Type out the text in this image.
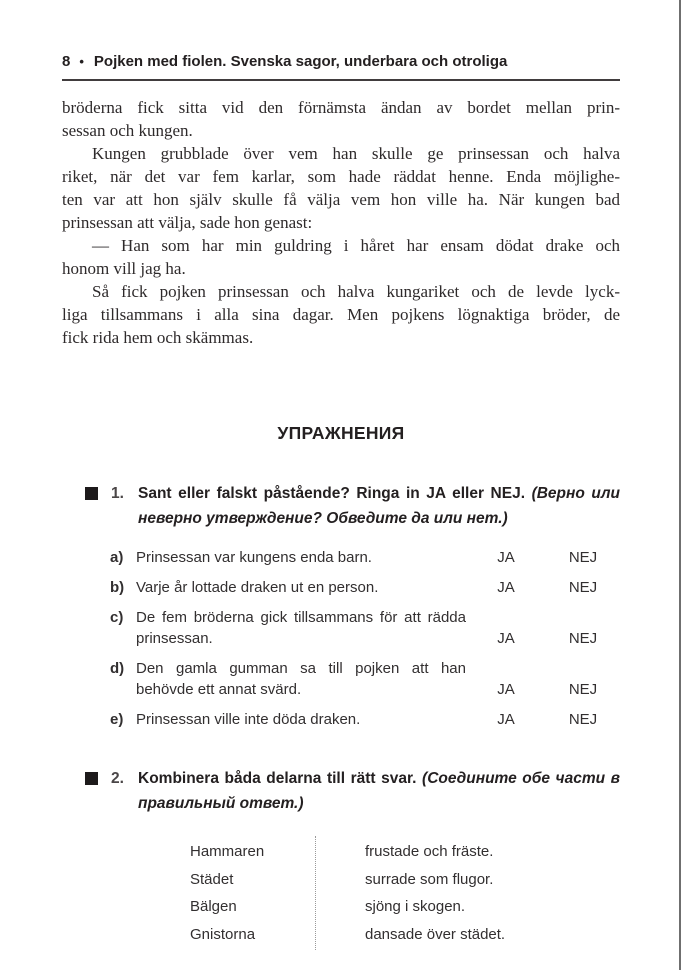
8 • Pojken med fiolen. Svenska sagor, underbara och otroliga
bröderna fick sitta vid den förnämsta ändan av bordet mellan prin-
sessan och kungen.
Kungen grubblade över vem han skulle ge prinsessan och halva
riket, när det var fem karlar, som hade räddat henne. Enda möjlighe-
ten var att hon själv skulle få välja vem hon ville ha. När kungen bad
prinsessan att välja, sade hon genast:
— Han som har min guldring i håret har ensam dödat drake och
honom vill jag ha.
Så fick pojken prinsessan och halva kungariket och de levde lyck-
liga tillsammans i alla sina dagar. Men pojkens lögnaktiga bröder, de
fick rida hem och skämmas.
УПРАЖНЕНИЯ
1. Sant eller falskt påstående? Ringa in JA eller NEJ. (Верно или неверно утверждение? Обведите да или нет.)
a) Prinsessan var kungens enda barn.	JA	NEJ
b) Varje år lottade draken ut en person.	JA	NEJ
c) De fem bröderna gick tillsammans för att rädda
prinsessan.	JA	NEJ
d) Den gamla gumman sa till pojken att han
behövde ett annat svärd.	JA	NEJ
e) Prinsessan ville inte döda draken.	JA	NEJ
2. Kombinera båda delarna till rätt svar. (Соедините обе части в правильный ответ.)
Hammaren	frustade och fräste.
Städet	surrade som flugor.
Bälgen	sjöng i skogen.
Gnistorna	dansade över städet.
